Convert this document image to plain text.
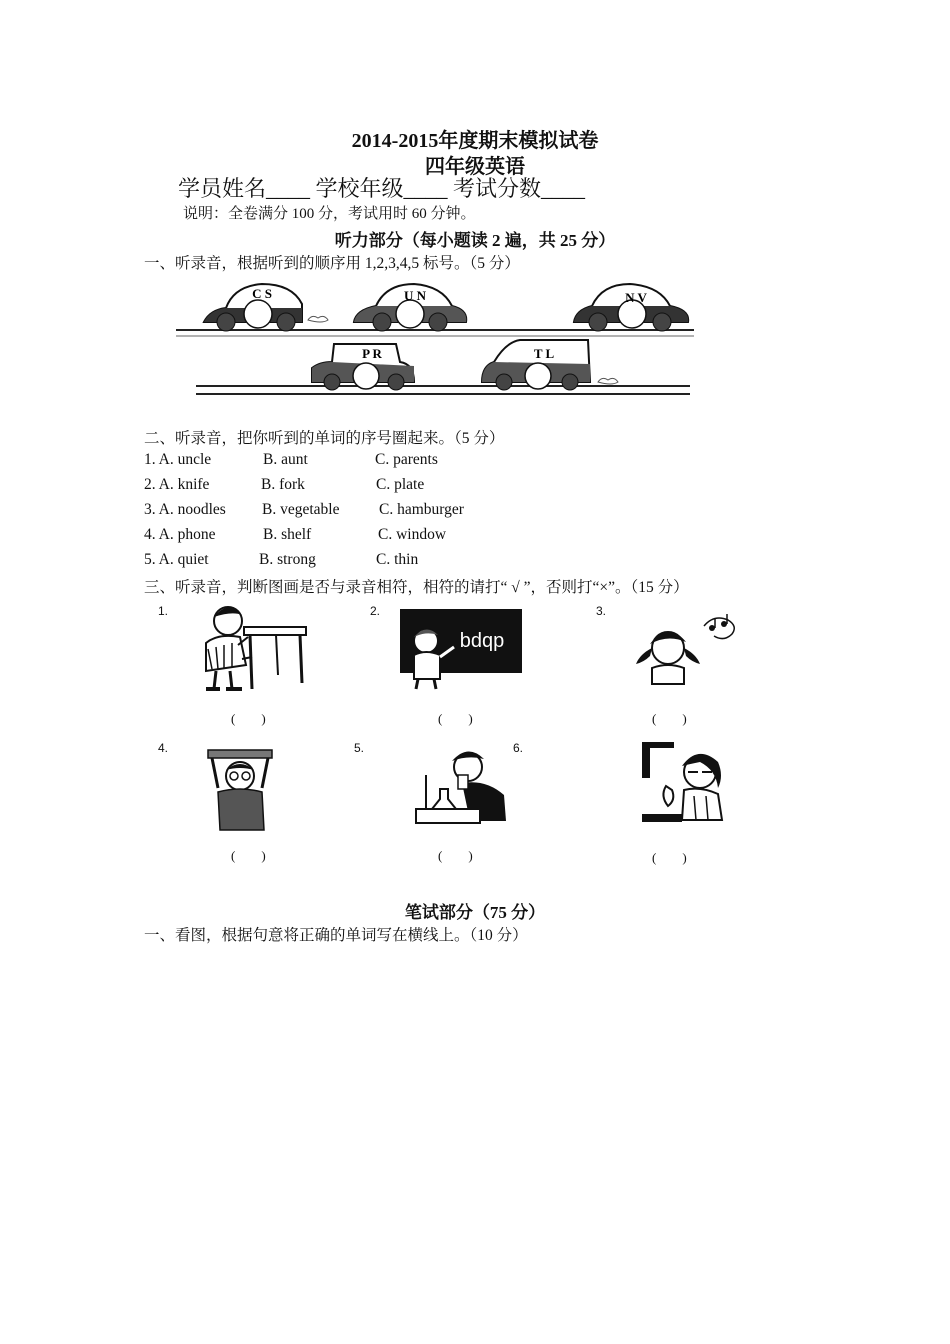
2014-2015年度期末模拟试卷
四年级英语
学员姓名____ 学校年级____ 考试分数____
说明：全卷满分 100 分，考试用时 60 分钟。
听力部分（每小题读 2 遍，共 25 分）
一、听录音，根据听到的顺序用 1,2,3,4,5 标号。（5 分）
C S	U N	N V
P R	T L
二、听录音，把你听到的单词的序号圈起来。（5 分）
1. A. uncle	B. aunt	C. parents
2. A. knife	B. fork	C. plate
3. A. noodles B. vegetable	C. hamburger
4. A. phone	B. shelf	C. window
5. A. quiet	B. strong	C. thin
三、听录音，判断图画是否与录音相符，相符的请打“ √ ”，否则打“×”。（15 分）
1.	2.	3.
4.	5.	6.
bdqp
(        )	(        )	(        )
(        )	(        )	(        )
笔试部分（75 分）
一、看图，根据句意将正确的单词写在横线上。（10 分）
